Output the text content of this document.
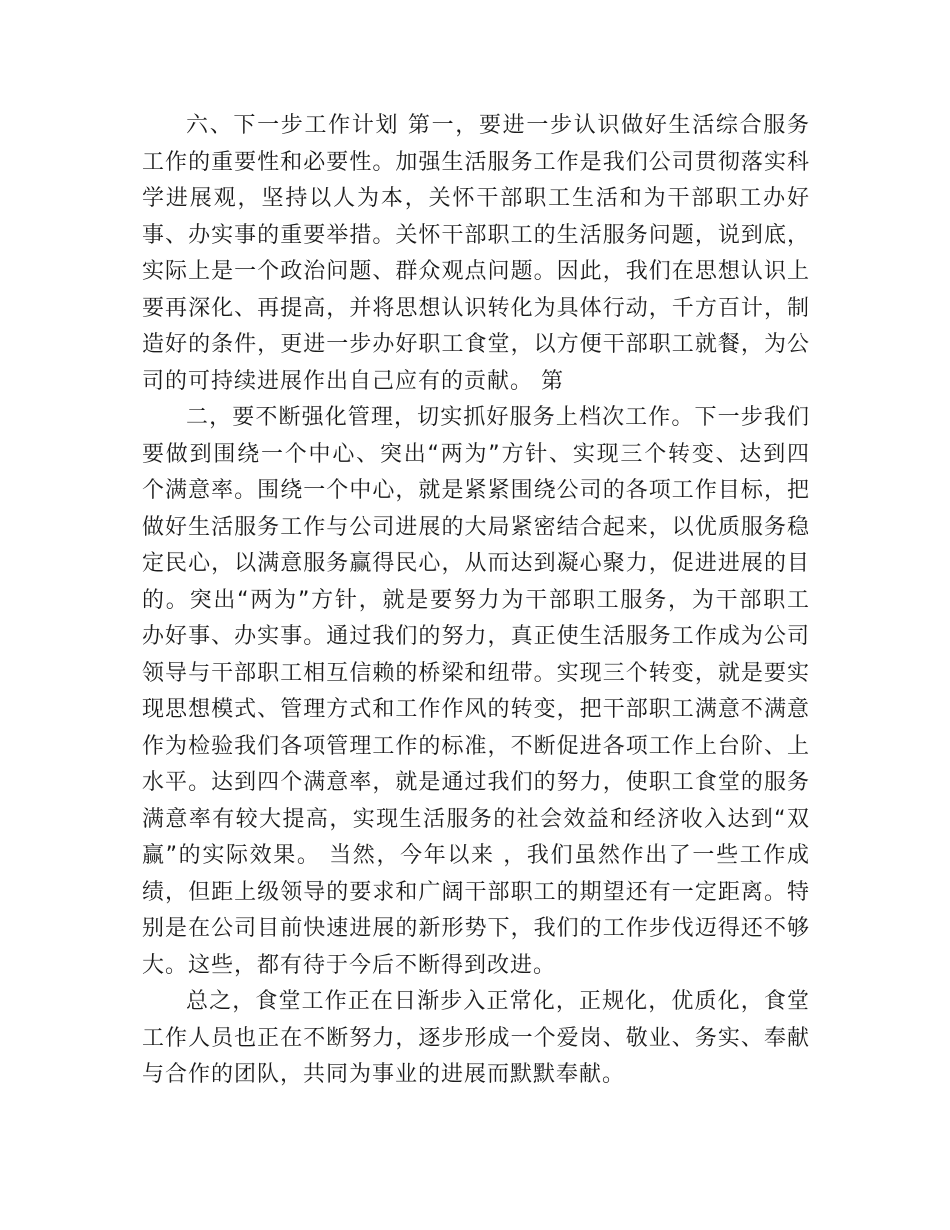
六、下一步工作计划 第一，要进一步认识做好生活综合服务工作的重要性和必要性。加强生活服务工作是我们公司贯彻落实科学进展观，坚持以人为本，关怀干部职工生活和为干部职工办好事、办实事的重要举措。关怀干部职工的生活服务问题，说到底，实际上是一个政治问题、群众观点问题。因此，我们在思想认识上要再深化、再提高，并将思想认识转化为具体行动，千方百计，制造好的条件，更进一步办好职工食堂，以方便干部职工就餐，为公司的可持续进展作出自己应有的贡献。 第

二，要不断强化管理，切实抓好服务上档次工作。下一步我们要做到围绕一个中心、突出“两为”方针、实现三个转变、达到四个满意率。围绕一个中心，就是紧紧围绕公司的各项工作目标，把做好生活服务工作与公司进展的大局紧密结合起来，以优质服务稳定民心，以满意服务赢得民心，从而达到凝心聚力，促进进展的目的。突出“两为”方针，就是要努力为干部职工服务，为干部职工办好事、办实事。通过我们的努力，真正使生活服务工作成为公司领导与干部职工相互信赖的桥梁和纽带。实现三个转变，就是要实现思想模式、管理方式和工作作风的转变，把干部职工满意不满意作为检验我们各项管理工作的标准，不断促进各项工作上台阶、上水平。达到四个满意率，就是通过我们的努力，使职工食堂的服务满意率有较大提高，实现生活服务的社会效益和经济收入达到“双赢”的实际效果。 当然，今年以来 ，我们虽然作出了一些工作成绩，但距上级领导的要求和广阔干部职工的期望还有一定距离。特别是在公司目前快速进展的新形势下，我们的工作步伐迈得还不够大。这些，都有待于今后不断得到改进。

总之，食堂工作正在日渐步入正常化，正规化，优质化，食堂工作人员也正在不断努力，逐步形成一个爱岗、敬业、务实、奉献与合作的团队，共同为事业的进展而默默奉献。
